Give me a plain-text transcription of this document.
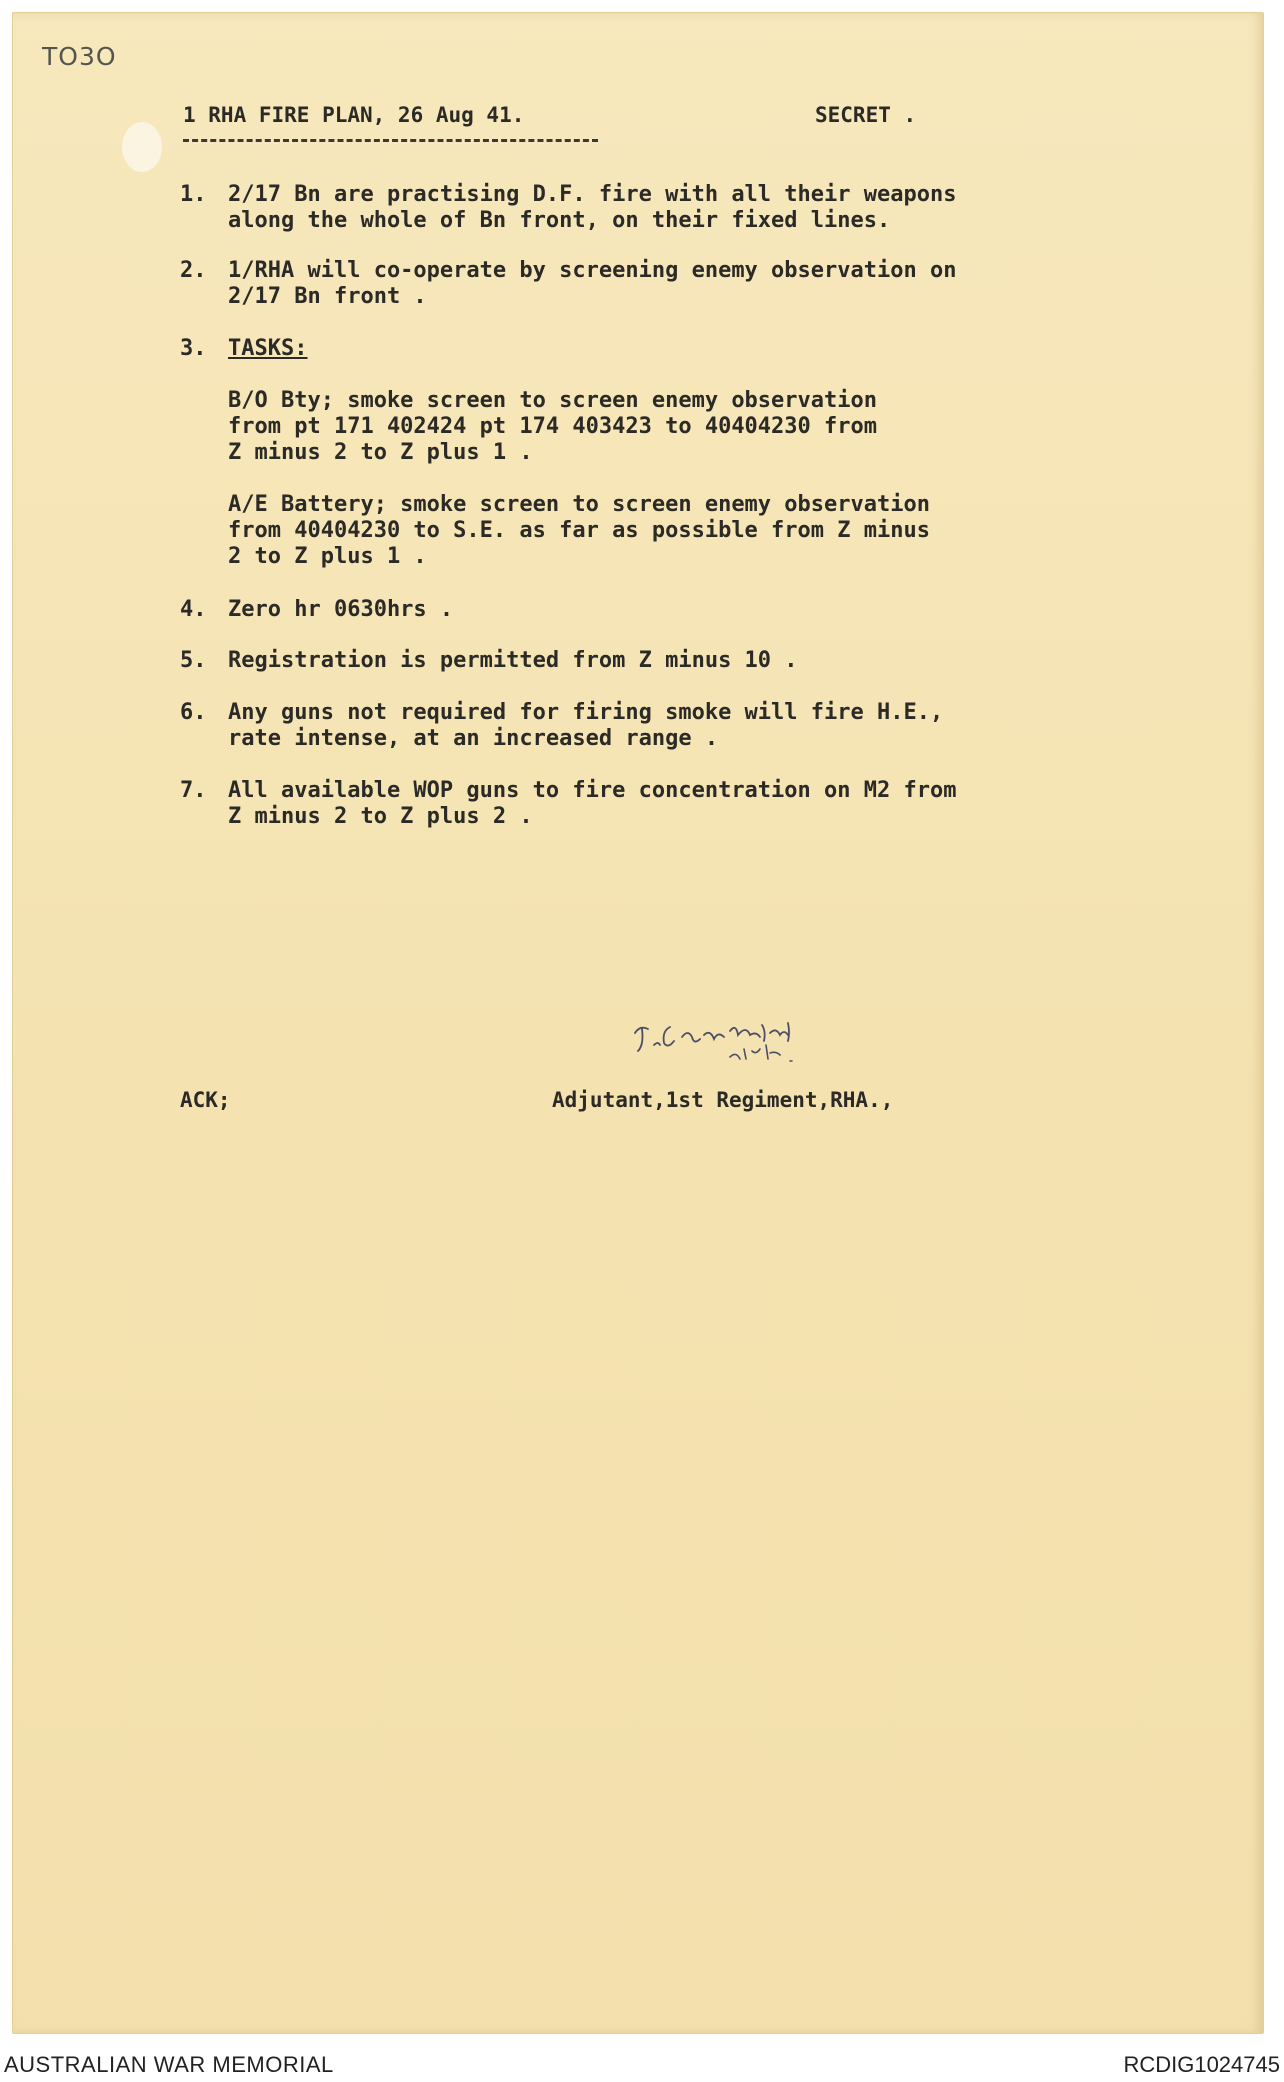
TO3O
1 RHA FIRE PLAN, 26 Aug 41.	SECRET .
1. 2/17 Bn are practising D.F. fire with all their weapons
along the whole of Bn front, on their fixed lines.
2. 1/RHA will co-operate by screening enemy observation on
2/17 Bn front .
3. TASKS:
B/O Bty; smoke screen to screen enemy observation
from pt 171 402424 pt 174 403423 to 40404230 from
Z minus 2 to Z plus 1 .
A/E Battery; smoke screen to screen enemy observation
from 40404230 to S.E. as far as possible from Z minus
2 to Z plus 1 .
4. Zero hr 0630hrs .
5. Registration is permitted from Z minus 10 .
6. Any guns not required for firing smoke will fire H.E.,
rate intense, at an increased range .
7. All available WOP guns to fire concentration on M2 from
Z minus 2 to Z plus 2 .
ACK;	Adjutant,1st Regiment,RHA.,
AUSTRALIAN WAR MEMORIAL	RCDIG1024745
